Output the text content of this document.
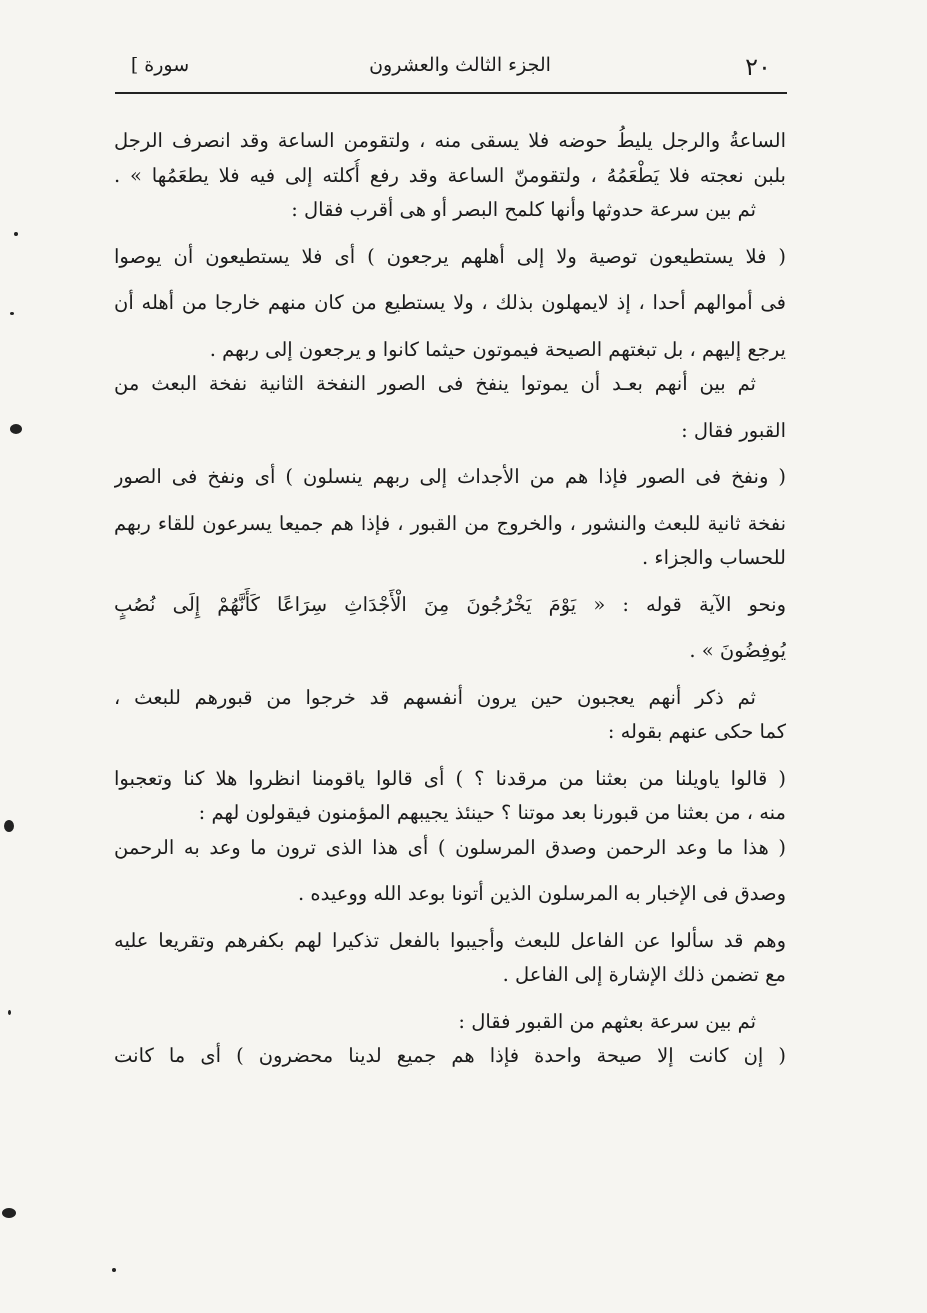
٢٠
الجزء الثالث والعشرون
[ سورة
الساعةُ والرجل يليطُ حوضه فلا يسقى منه ، ولتقومن الساعة وقد انصرف الرجل
بلبن نعجته فلا يَطْعَمُهُ ، ولتقومنّ الساعة وقد رفع أُكلته إلى فيه فلا يطعَمُها » .
ثم بين سرعة حدوثها وأنها كلمح البصر أو هى أقرب فقال :
( فلا يستطيعون توصية ولا إلى أهلهم يرجعون ) أى فلا يستطيعون أن يوصوا
فى أموالهم أحدا ، إذ لايمهلون بذلك ، ولا يستطيع من كان منهم خارجا من أهله أن
يرجع إليهم ، بل تبغتهم الصيحة فيموتون حيثما كانوا و يرجعون إلى ربهم .
ثم بين أنهم بعـد أن يموتوا ينفخ فى الصور النفخة الثانية نفخة البعث من
القبور فقال :
( ونفخ فى الصور فإذا هم من الأجداث إلى ربهم ينسلون ) أى ونفخ فى الصور
نفخة ثانية للبعث والنشور ، والخروج من القبور ، فإذا هم جميعا يسرعون للقاء ربهم
للحساب والجزاء .
ونحو الآية قوله : « يَوْمَ يَخْرُجُونَ مِنَ الْأَجْدَاثِ سِرَاعًا كَأَنَّهُمْ إِلَى نُصُبٍ
يُوفِضُونَ » .
ثم ذكر أنهم يعجبون حين يرون أنفسهم قد خرجوا من قبورهم للبعث ،
كما حكى عنهم بقوله :
( قالوا ياويلنا من بعثنا من مرقدنا ؟ ) أى قالوا ياقومنا انظروا هلا كنا وتعجبوا
منه ، من بعثنا من قبورنا بعد موتنا ؟ حينئذ يجيبهم المؤمنون فيقولون لهم :
( هذا ما وعد الرحمن وصدق المرسلون ) أى هذا الذى ترون ما وعد به الرحمن
وصدق فى الإخبار به المرسلون الذين أتونا بوعد الله ووعيده .
وهم قد سألوا عن الفاعل للبعث وأجيبوا بالفعل تذكيرا لهم بكفرهم وتقريعا عليه
مع تضمن ذلك الإشارة إلى الفاعل .
ثم بين سرعة بعثهم من القبور فقال :
( إن كانت إلا صيحة واحدة فإذا هم جميع لدينا محضرون ) أى ما كانت
